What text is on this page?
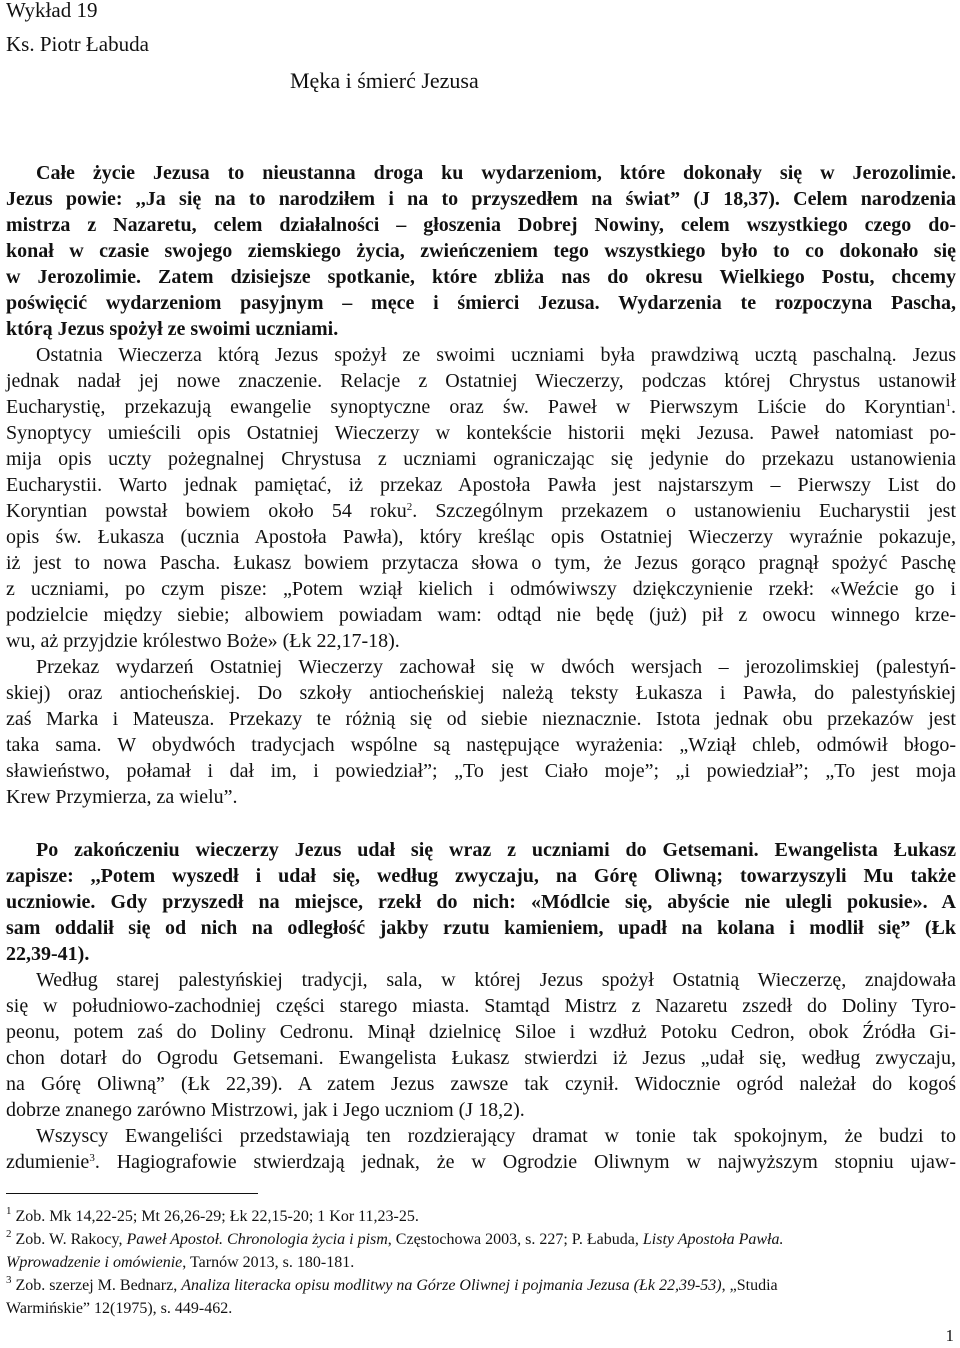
Wykład 19
Ks. Piotr Łabuda
Męka i śmierć Jezusa
Całe życie Jezusa to nieustanna droga ku wydarzeniom, które dokonały się w Jerozolimie.
Jezus powie: ,,Ja się na to narodziłem i na to przyszedłem na świat” (J 18,37). Celem narodzenia
mistrza z Nazaretu, celem działalności – głoszenia Dobrej Nowiny, celem wszystkiego czego do-
konał w czasie swojego ziemskiego życia, zwieńczeniem tego wszystkiego było to co dokonało się
w Jerozolimie. Zatem dzisiejsze spotkanie, które zbliża nas do okresu Wielkiego Postu, chcemy
poświęcić wydarzeniom pasyjnym – męce i śmierci Jezusa. Wydarzenia te rozpoczyna Pascha,
którą Jezus spożył ze swoimi uczniami.
Ostatnia Wieczerza którą Jezus spożył ze swoimi uczniami była prawdziwą ucztą paschalną. Jezus
jednak nadał jej nowe znaczenie. Relacje z Ostatniej Wieczerzy, podczas której Chrystus ustanowił
Eucharystię, przekazują ewangelie synoptyczne oraz św. Paweł w Pierwszym Liście do Koryntian$^1$.
Synoptycy umieścili opis Ostatniej Wieczerzy w kontekście historii męki Jezusa. Paweł natomiast po-
mija opis uczty pożegnalnej Chrystusa z uczniami ograniczając się jedynie do przekazu ustanowienia
Eucharystii. Warto jednak pamiętać, iż przekaz Apostoła Pawła jest najstarszym – Pierwszy List do
Koryntian powstał bowiem około 54 roku$^2$. Szczególnym przekazem o ustanowieniu Eucharystii jest
opis św. Łukasza (ucznia Apostoła Pawła), który kreśląc opis Ostatniej Wieczerzy wyraźnie pokazuje,
iż jest to nowa Pascha. Łukasz bowiem przytacza słowa o tym, że Jezus gorąco pragnął spożyć Paschę
z uczniami, po czym pisze: „Potem wziął kielich i odmówiwszy dziękczynienie rzekł: «Weźcie go i
podzielcie między siebie; albowiem powiadam wam: odtąd nie będę (już) pił z owocu winnego krze-
wu, aż przyjdzie królestwo Boże» (Łk 22,17-18).
Przekaz wydarzeń Ostatniej Wieczerzy zachował się w dwóch wersjach – jerozolimskiej (palestyń-
skiej) oraz antiocheńskiej. Do szkoły antiocheńskiej należą teksty Łukasza i Pawła, do palestyńskiej
zaś Marka i Mateusza. Przekazy te różnią się od siebie nieznacznie. Istota jednak obu przekazów jest
taka sama. W obydwóch tradycjach wspólne są następujące wyrażenia: „Wziął chleb, odmówił błogo-
sławieństwo, połamał i dał im, i powiedział”; „To jest Ciało moje”; „i powiedział”; „To jest moja
Krew Przymierza, za wielu”.
Po zakończeniu wieczerzy Jezus udał się wraz z uczniami do Getsemani. Ewangelista Łukasz
zapisze: ,,Potem wyszedł i udał się, według zwyczaju, na Górę Oliwną; towarzyszyli Mu także
uczniowie. Gdy przyszedł na miejsce, rzekł do nich: «Módlcie się, abyście nie ulegli pokusie». A
sam oddalił się od nich na odległość jakby rzutu kamieniem, upadł na kolana i modlił się” (Łk
22,39-41).
Według starej palestyńskiej tradycji, sala, w której Jezus spożył Ostatnią Wieczerzę, znajdowała
się w południowo-zachodniej części starego miasta. Stamtąd Mistrz z Nazaretu zszedł do Doliny Tyro-
peonu, potem zaś do Doliny Cedronu. Minął dzielnicę Siloe i wzdłuż Potoku Cedron, obok Źródła Gi-
chon dotarł do Ogrodu Getsemani. Ewangelista Łukasz stwierdzi iż Jezus „udał się, według zwyczaju,
na Górę Oliwną” (Łk 22,39). A zatem Jezus zawsze tak czynił. Widocznie ogród należał do kogoś
dobrze znanego zarówno Mistrzowi, jak i Jego uczniom (J 18,2).
Wszyscy Ewangeliści przedstawiają ten rozdzierający dramat w tonie tak spokojnym, że budzi to
zdumienie$^3$. Hagiografowie stwierdzają jednak, że w Ogrodzie Oliwnym w najwyższym stopniu ujaw-
$^1$ Zob. Mk 14,22-25; Mt 26,26-29; Łk 22,15-20; 1 Kor 11,23-25.
$^2$ Zob. W. Rakocy, Paweł Apostoł. Chronologia życia i pism, Częstochowa 2003, s. 227; P. Łabuda, Listy Apostoła Pawła.
Wprowadzenie i omówienie, Tarnów 2013, s. 180-181.
$^3$ Zob. szerzej M. Bednarz, Analiza literacka opisu modlitwy na Górze Oliwnej i pojmania Jezusa (Łk 22,39-53), „Studia
Warmińskie” 12(1975), s. 449-462.
1
